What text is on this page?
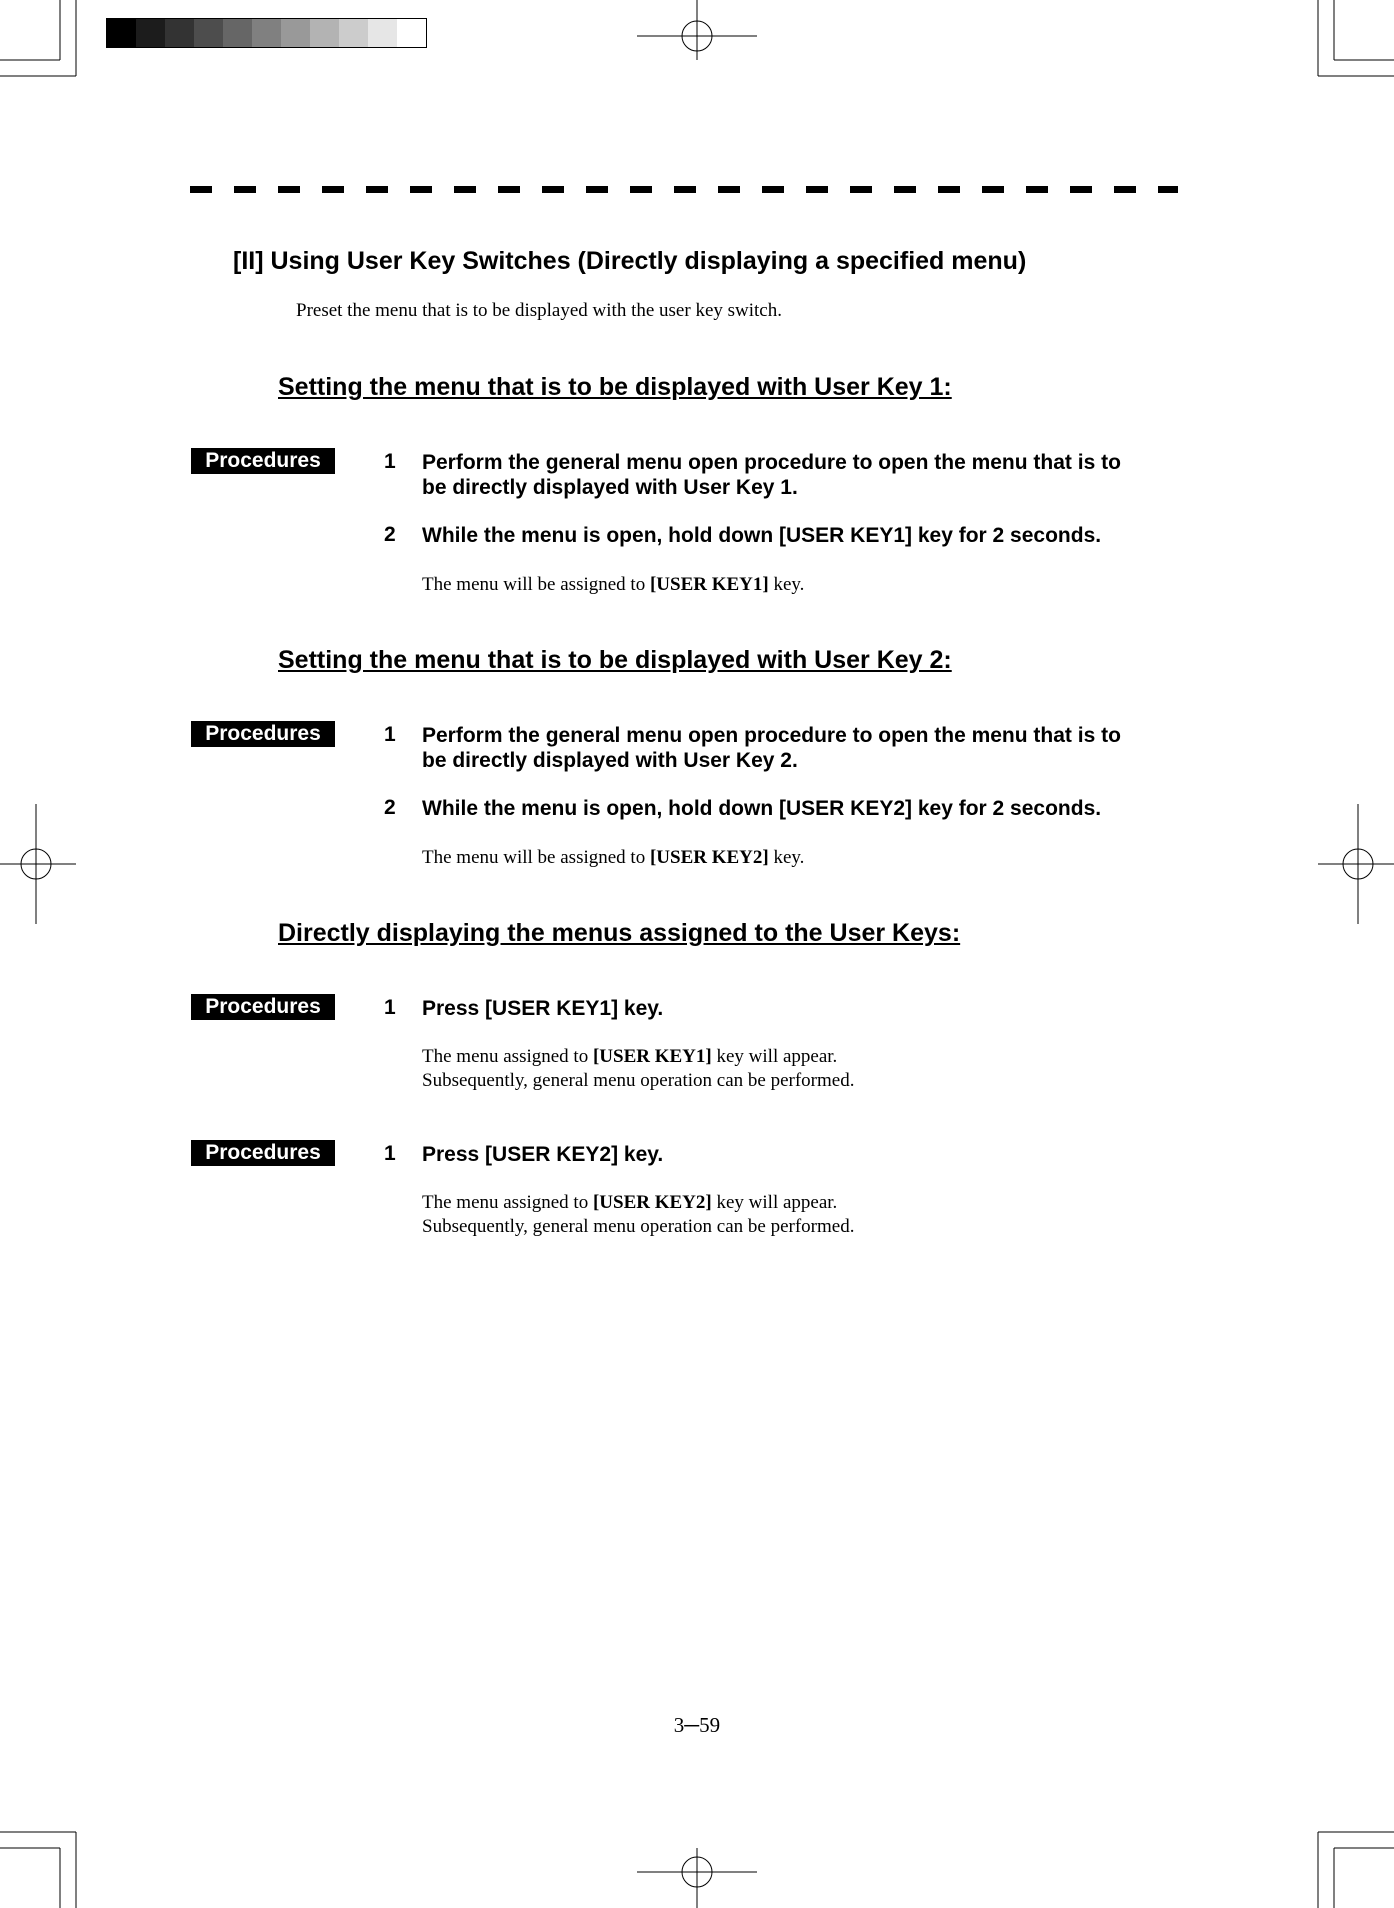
[II] Using User Key Switches (Directly displaying a specified menu)
Preset the menu that is to be displayed with the user key switch.
Setting the menu that is to be displayed with User Key 1:
Procedures	1 Perform the general menu open procedure to open the menu that is to
be directly displayed with User Key 1.
2 While the menu is open, hold down [USER KEY1] key for 2 seconds.
The menu will be assigned to [USER KEY1] key.
Setting the menu that is to be displayed with User Key 2:
Procedures	1 Perform the general menu open procedure to open the menu that is to
be directly displayed with User Key 2.
2 While the menu is open, hold down [USER KEY2] key for 2 seconds.
The menu will be assigned to [USER KEY2] key.
Directly displaying the menus assigned to the User Keys:
Procedures	1 Press [USER KEY1] key.
The menu assigned to [USER KEY1] key will appear.
Subsequently, general menu operation can be performed.
Procedures	1 Press [USER KEY2] key.
The menu assigned to [USER KEY2] key will appear.
Subsequently, general menu operation can be performed.
3─59
